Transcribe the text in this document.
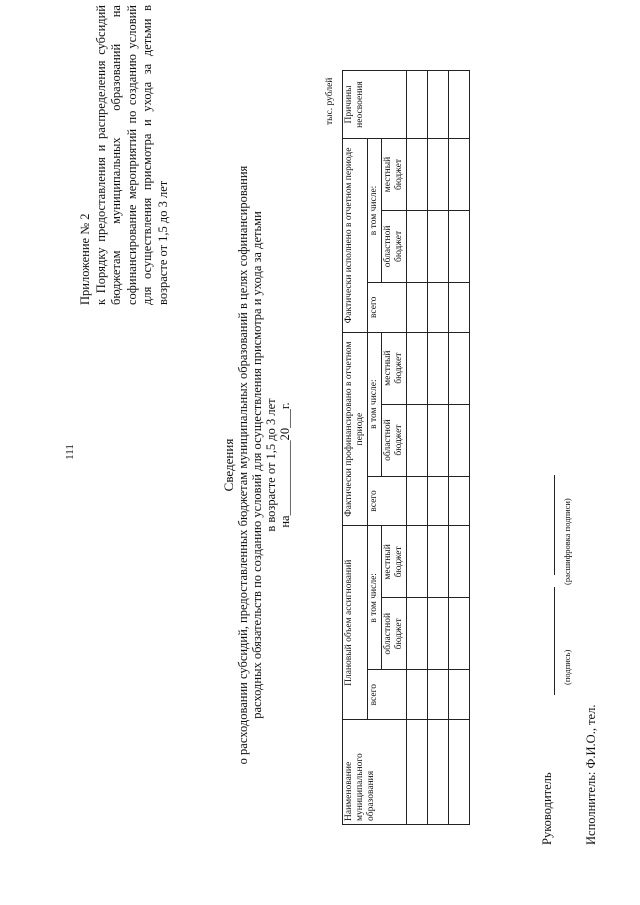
111
Приложение № 2 к Порядку предоставления и распределения субсидий бюджетам муниципальных образований на софинансирование мероприятий по созданию условий для осуществления присмотра и ухода за детьми в возрасте от 1,5 до 3 лет
Сведения о расходовании субсидий, предоставленных бюджетам муниципальных образований в целях софинансирования расходных обязательств по созданию условий для осуществления присмотра и ухода за детьми в возрасте от 1,5 до 3 лет на____________20___г.
тыс. рублей
Наименование муниципального образования	Плановый объем ассигнований			Фактически профинансировано в отчетном периоде			Фактически исполнено в отчетном периоде			Причины неосвоения
	всего	в том числе:		всего	в том числе:		всего	в том числе:		
		областной бюджет	местный бюджет		областной бюджет	местный бюджет		областной бюджет	местный бюджет	

Руководитель
(подпись)
(расшифровка подписи)
Исполнитель: Ф.И.О., тел.
